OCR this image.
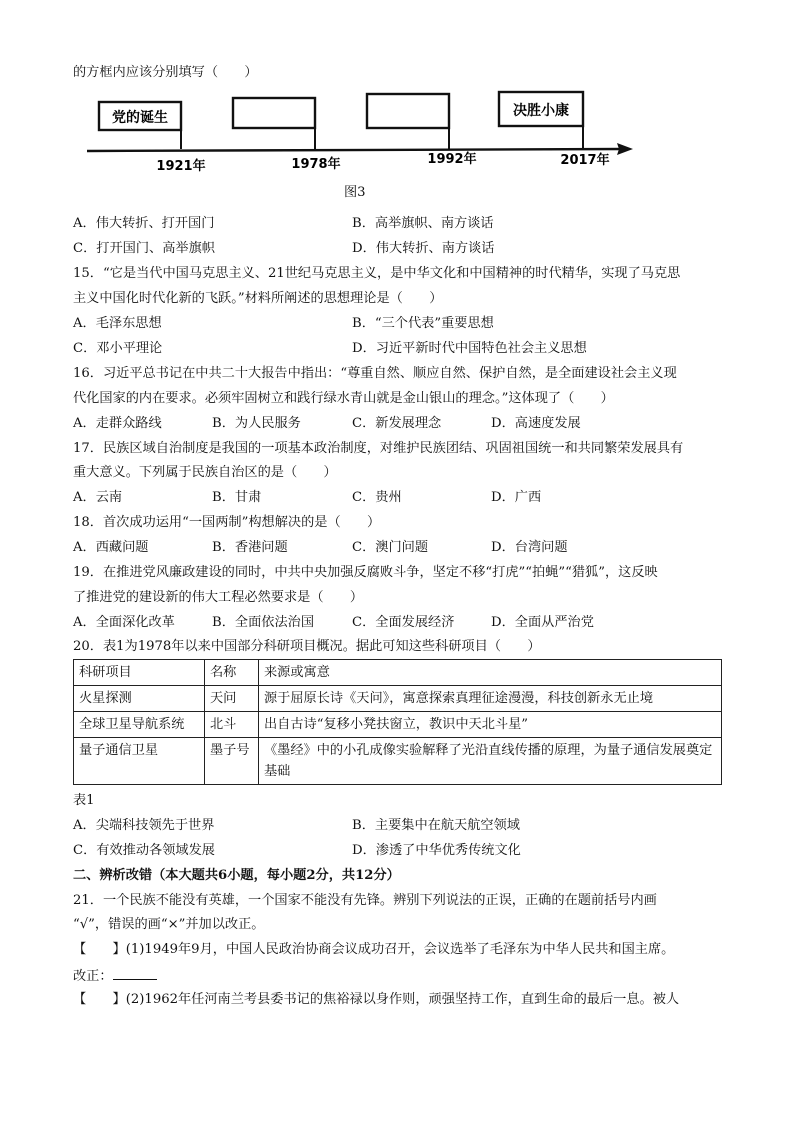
的方框内应该分别填写（　　）
党的诞生	决胜小康
1921年	1978年	1992年	2017年
图3
A．伟大转折、打开国门	B．高举旗帜、南方谈话
C．打开国门、高举旗帜	D．伟大转折、南方谈话
15．“它是当代中国马克思主义、21世纪马克思主义，是中华文化和中国精神的时代精华，实现了马克思
主义中国化时代化新的飞跃。”材料所阐述的思想理论是（　　）
A．毛泽东思想	B．“三个代表”重要思想
C．邓小平理论	D．习近平新时代中国特色社会主义思想
16．习近平总书记在中共二十大报告中指出：“尊重自然、顺应自然、保护自然，是全面建设社会主义现
代化国家的内在要求。必须牢固树立和践行绿水青山就是金山银山的理念。”这体现了（　　）
A．走群众路线	B．为人民服务	C．新发展理念	D．高速度发展
17．民族区域自治制度是我国的一项基本政治制度，对维护民族团结、巩固祖国统一和共同繁荣发展具有
重大意义。下列属于民族自治区的是（　　）
A．云南	B．甘肃	C．贵州	D．广西
18．首次成功运用“一国两制”构想解决的是（　　）
A．西藏问题	B．香港问题	C．澳门问题	D．台湾问题
19．在推进党风廉政建设的同时，中共中央加强反腐败斗争，坚定不移“打虎”“拍蝇”“猎狐”，这反映
了推进党的建设新的伟大工程必然要求是（　　）
A．全面深化改革	B．全面依法治国	C．全面发展经济	D．全面从严治党
20．表1为1978年以来中国部分科研项目概况。据此可知这些科研项目（　　）
科研项目	名称	来源或寓意
火星探测	天问	源于屈原长诗《天问》，寓意探索真理征途漫漫，科技创新永无止境
全球卫星导航系统	北斗	出自古诗“复移小凳扶窗立，教识中天北斗星”
量子通信卫星	墨子号	《墨经》中的小孔成像实验解释了光沿直线传播的原理，为量子通信发展奠定基础
表1
A．尖端科技领先于世界	B．主要集中在航天航空领域
C．有效推动各领域发展	D．渗透了中华优秀传统文化
二、辨析改错（本大题共6小题，每小题2分，共12分）
21．一个民族不能没有英雄，一个国家不能没有先锋。辨别下列说法的正误，正确的在题前括号内画
“√”，错误的画“×”并加以改正。
【　　】(1)1949年9月，中国人民政治协商会议成功召开，会议选举了毛泽东为中华人民共和国主席。
改正：
【　　】(2)1962年任河南兰考县委书记的焦裕禄以身作则，顽强坚持工作，直到生命的最后一息。被人
